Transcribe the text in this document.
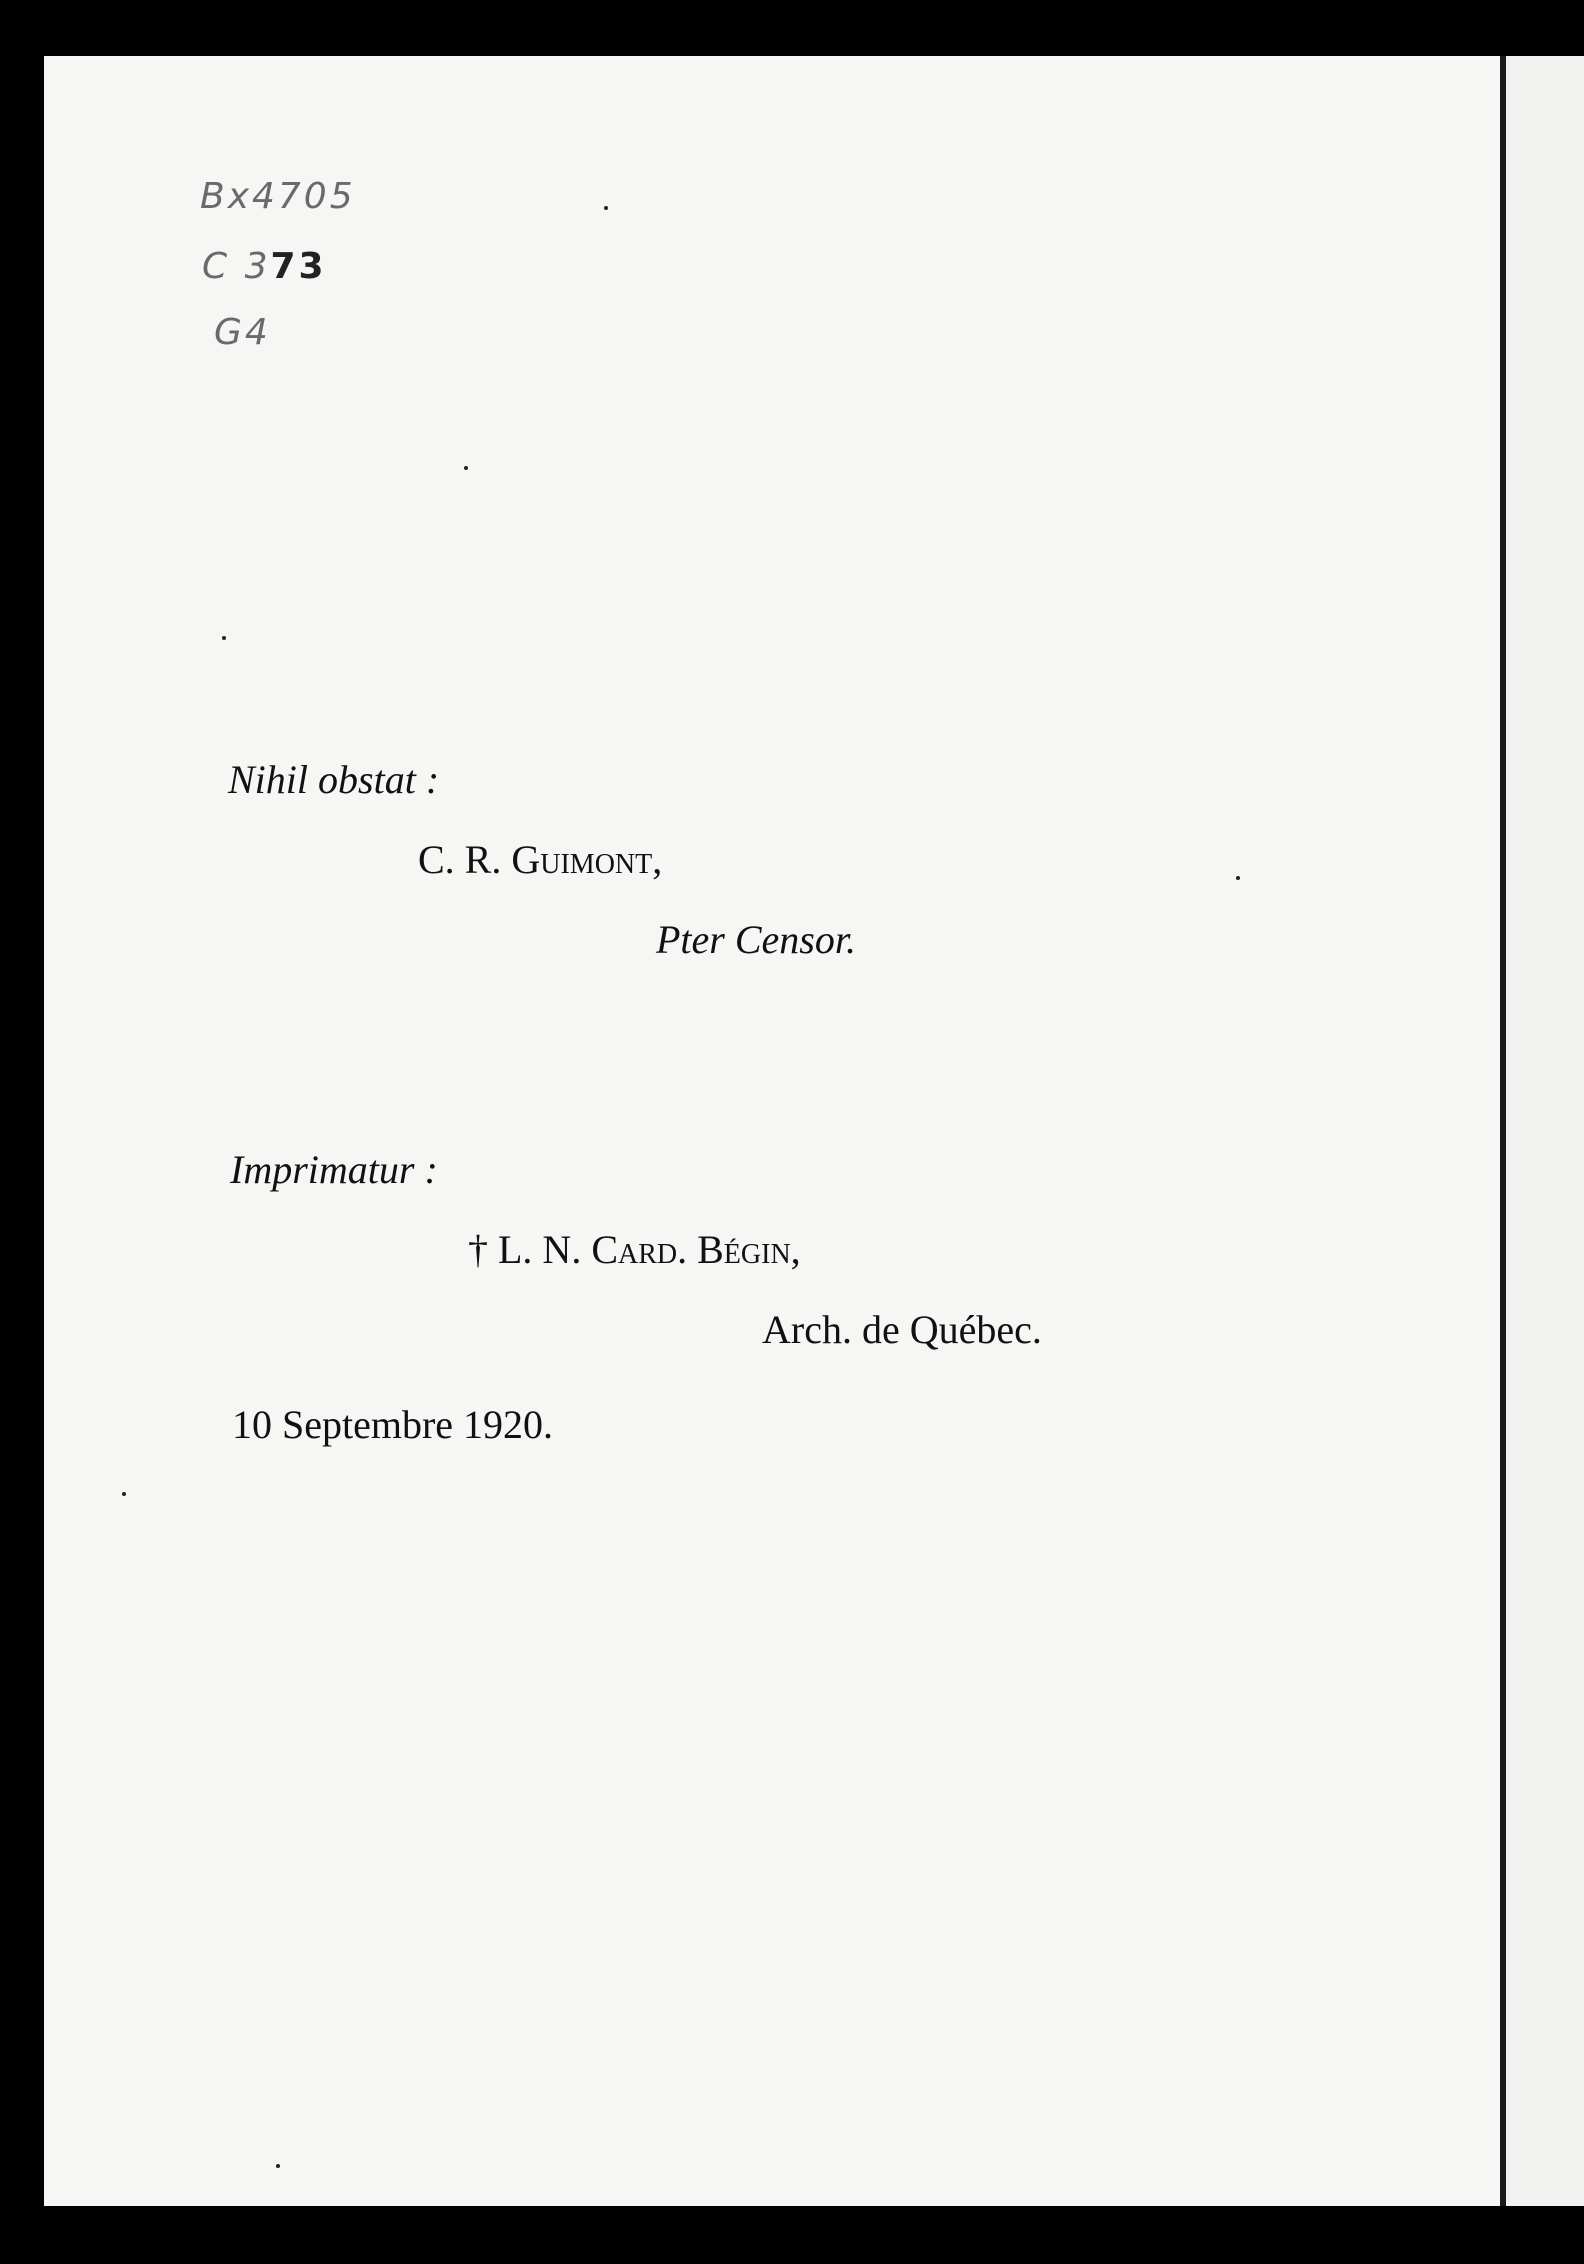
Bx4705
C 373
G4
Nihil obstat :
C. R. Guimont,
Pter Censor.
Imprimatur :
† L. N. Card. Bégin,
Arch. de Québec.
10 Septembre 1920.
